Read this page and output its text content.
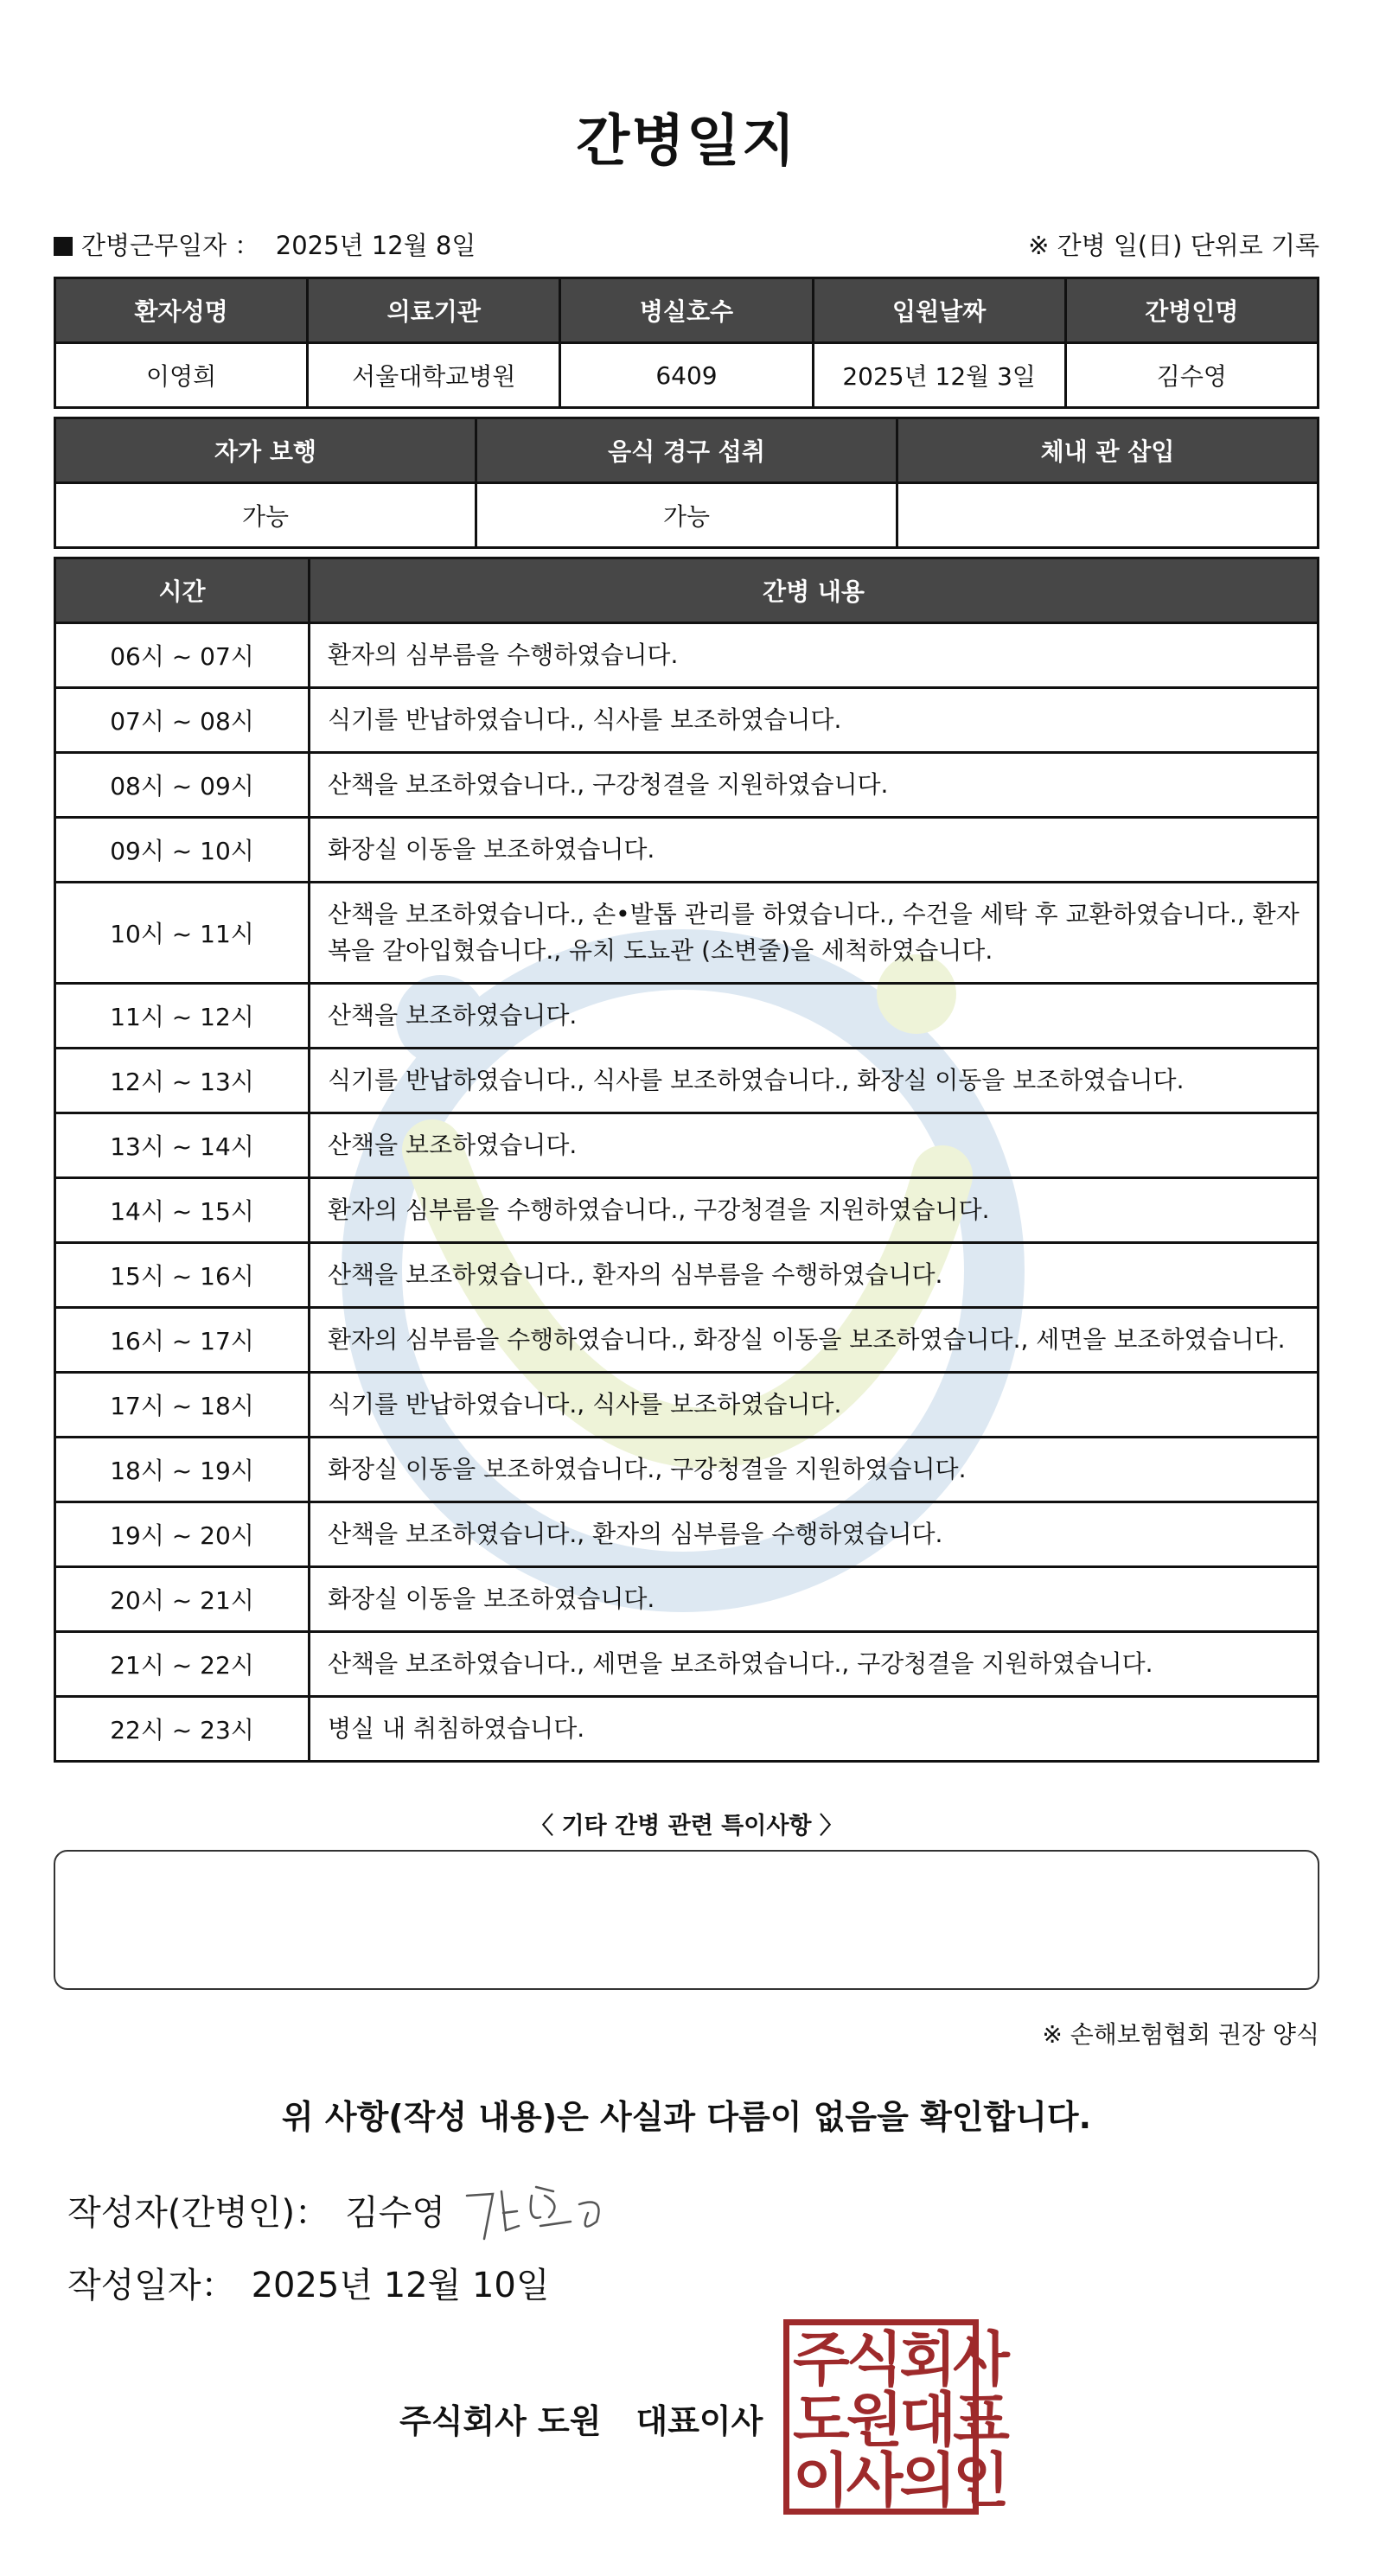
간병일지
간병근무일자 ： 2025년 12월 8일	※ 간병 일(日) 단위로 기록
환자성명	의료기관	병실호수	입원날짜	간병인명
이영희	서울대학교병원	6409	2025년 12월 3일	김수영
자가 보행	음식 경구 섭취	체내 관 삽입
가능	가능	
시간	간병 내용
06시 ~ 07시	환자의 심부름을 수행하였습니다.
07시 ~ 08시	식기를 반납하였습니다., 식사를 보조하였습니다.
08시 ~ 09시	산책을 보조하였습니다., 구강청결을 지원하였습니다.
09시 ~ 10시	화장실 이동을 보조하였습니다.
10시 ~ 11시	산책을 보조하였습니다., 손•발톱 관리를 하였습니다., 수건을 세탁 후 교환하였습니다., 환자복을 갈아입혔습니다., 유치 도뇨관 (소변줄)을 세척하였습니다.
11시 ~ 12시	산책을 보조하였습니다.
12시 ~ 13시	식기를 반납하였습니다., 식사를 보조하였습니다., 화장실 이동을 보조하였습니다.
13시 ~ 14시	산책을 보조하였습니다.
14시 ~ 15시	환자의 심부름을 수행하였습니다., 구강청결을 지원하였습니다.
15시 ~ 16시	산책을 보조하였습니다., 환자의 심부름을 수행하였습니다.
16시 ~ 17시	환자의 심부름을 수행하였습니다., 화장실 이동을 보조하였습니다., 세면을 보조하였습니다.
17시 ~ 18시	식기를 반납하였습니다., 식사를 보조하였습니다.
18시 ~ 19시	화장실 이동을 보조하였습니다., 구강청결을 지원하였습니다.
19시 ~ 20시	산책을 보조하였습니다., 환자의 심부름을 수행하였습니다.
20시 ~ 21시	화장실 이동을 보조하였습니다.
21시 ~ 22시	산책을 보조하였습니다., 세면을 보조하였습니다., 구강청결을 지원하였습니다.
22시 ~ 23시	병실 내 취침하였습니다.
〈 기타 간병 관련 특이사항 〉
※ 손해보험협회 권장 양식
위 사항(작성 내용)은 사실과 다름이 없음을 확인합니다.
작성자(간병인)： 김수영
작성일자： 2025년 12월 10일
주식회사 도원 대표이사
주식회사
도원대표
이사의인
